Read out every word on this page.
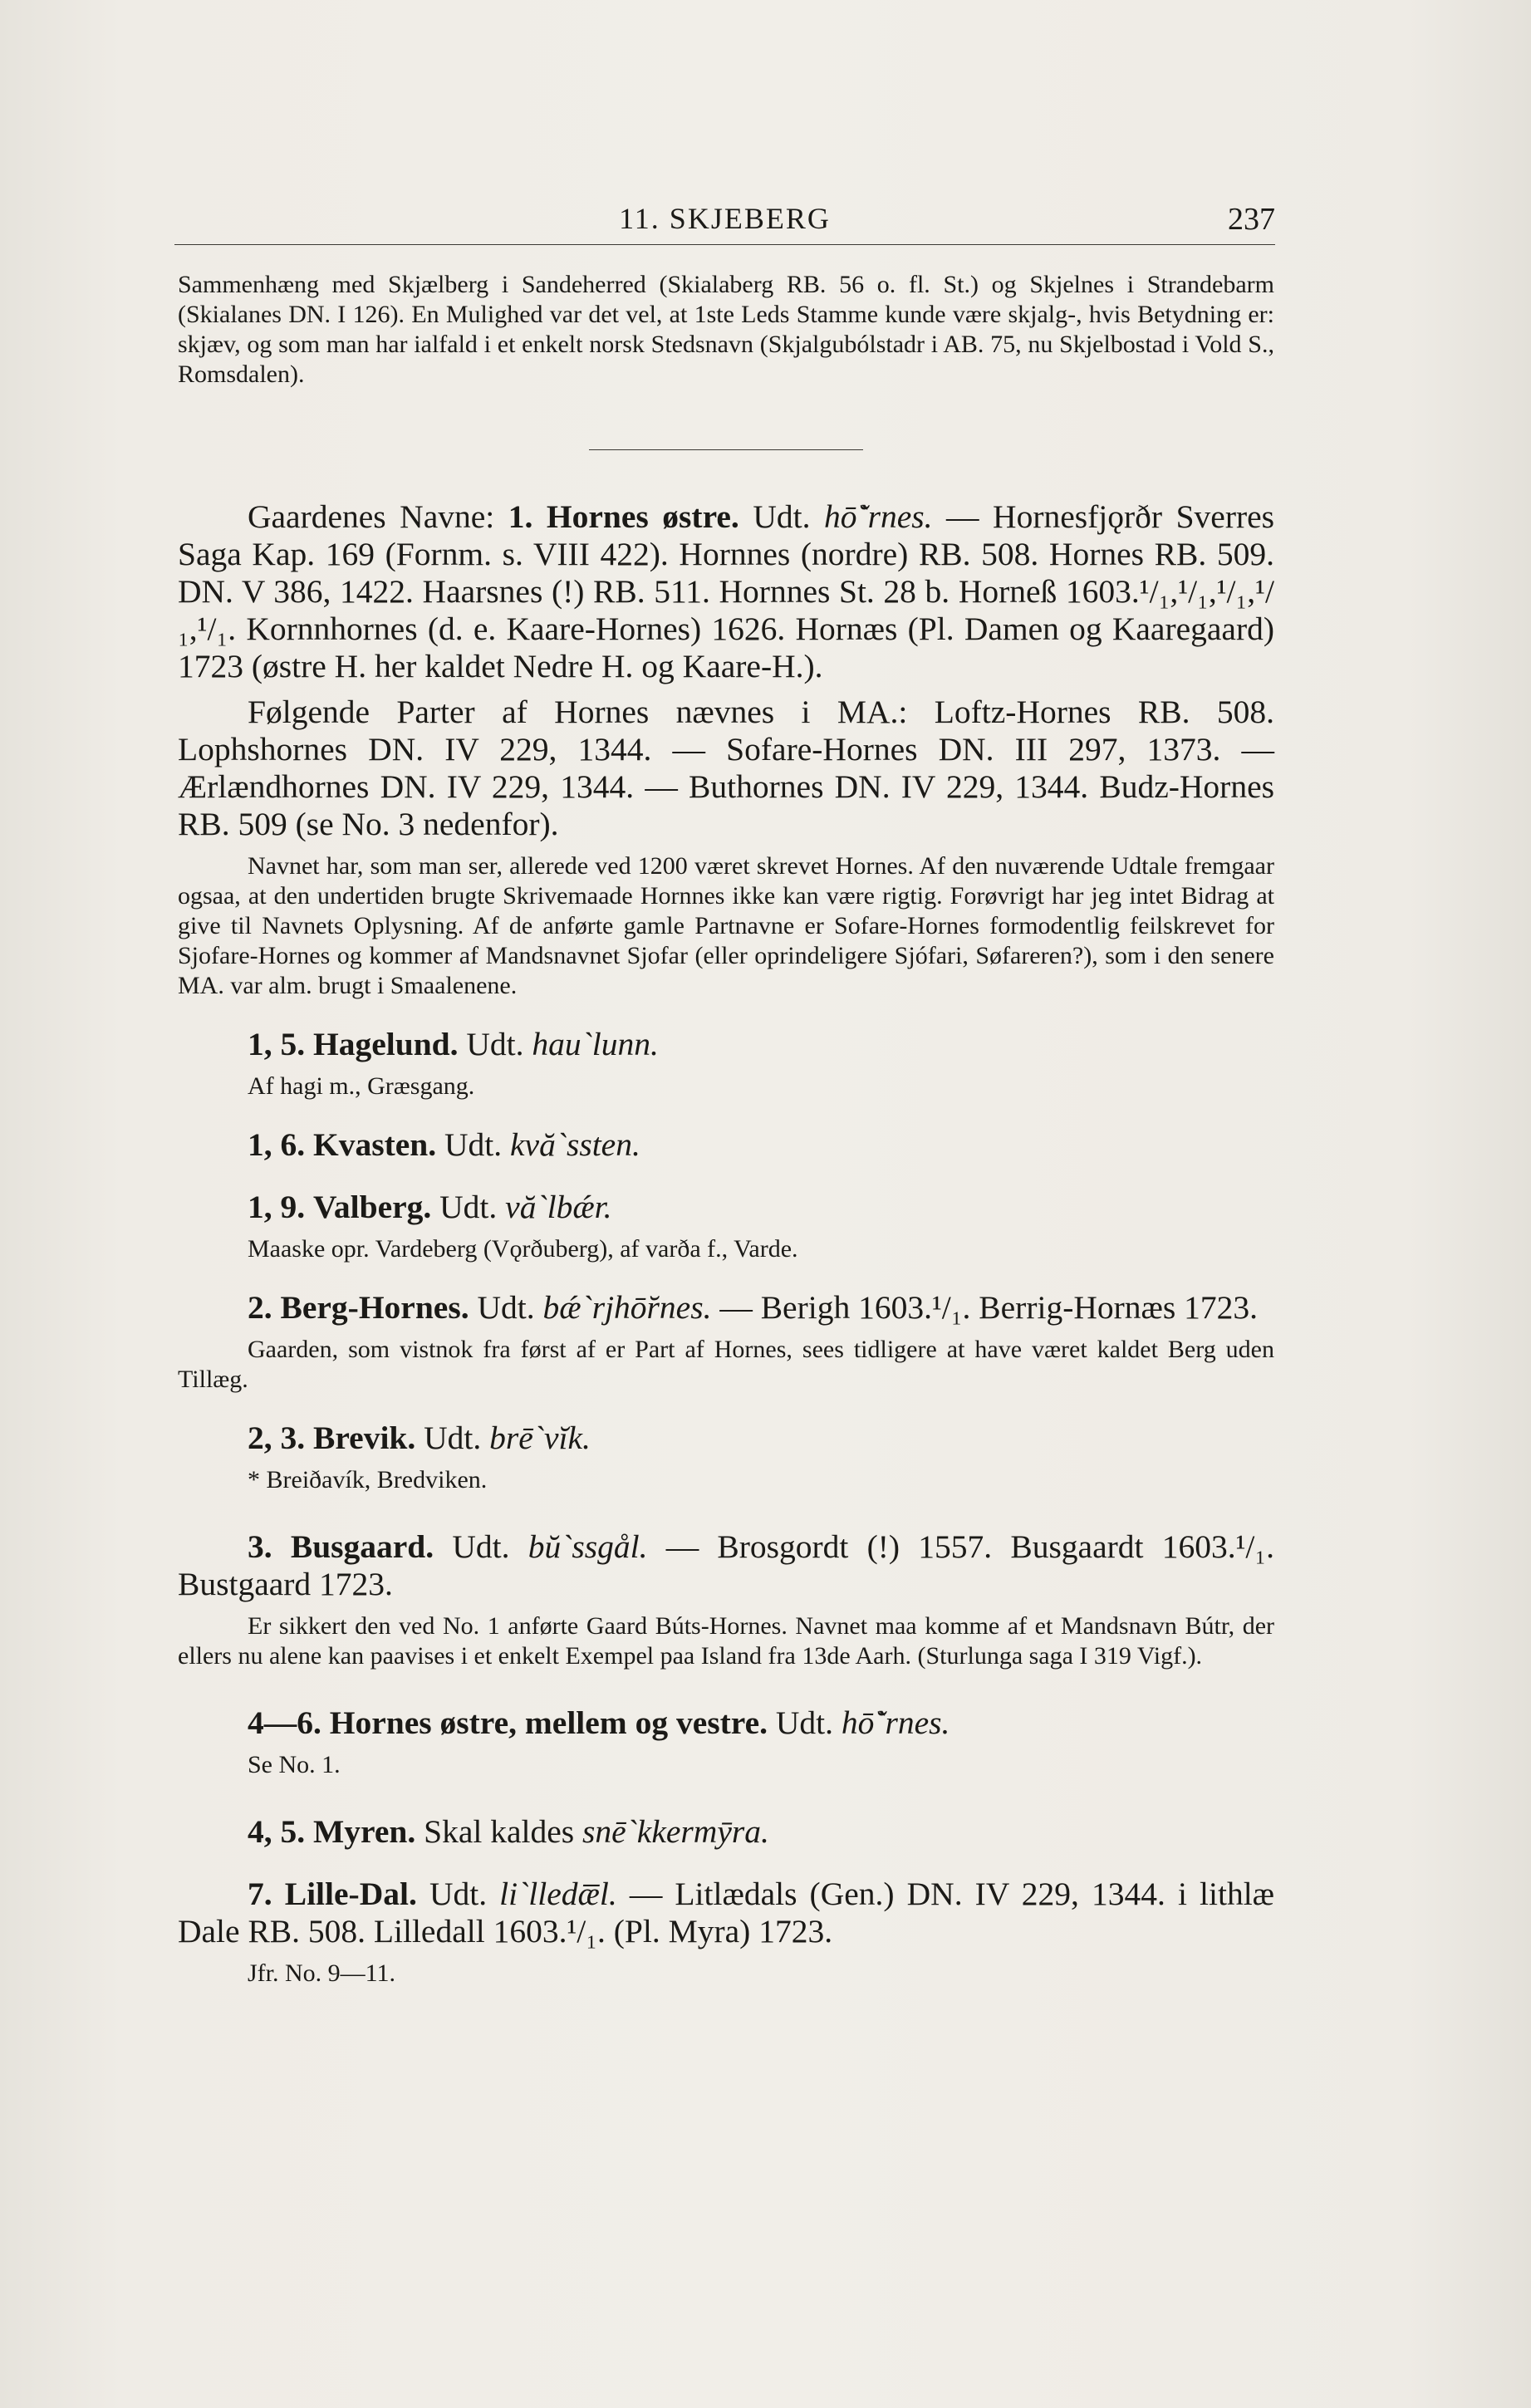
11. SKJEBERG	237

Sammenhæng med Skjælberg i Sandeherred (Skialaberg RB. 56 o. fl. St.) og Skjelnes i Strandebarm (Skialanes DN. I 126). En Mulighed var det vel, at 1ste Leds Stamme kunde være skjalg-, hvis Betydning er: skjæv, og som man har ialfald i et enkelt norsk Stedsnavn (Skjalgubólstadr i AB. 75, nu Skjelbostad i Vold S., Romsdalen).

Gaardenes Navne: 1. Hornes østre. Udt. hō̆`rnes. — Hornesfjǫrðr Sverres Saga Kap. 169 (Fornm. s. VIII 422). Hornnes (nordre) RB. 508. Hornes RB. 509. DN. V 386, 1422. Haarsnes (!) RB. 511. Hornnes St. 28 b. Horneß 1603.¹/₁,¹/₁,¹/₁,¹/₁,¹/₁. Kornnhornes (d. e. Kaare-Hornes) 1626. Hornæs (Pl. Damen og Kaaregaard) 1723 (østre H. her kaldet Nedre H. og Kaare-H.).

Følgende Parter af Hornes nævnes i MA.: Loftz-Hornes RB. 508. Lophshornes DN. IV 229, 1344. — Sofare-Hornes DN. III 297, 1373. — Ærlændhornes DN. IV 229, 1344. — Buthornes DN. IV 229, 1344. Budz-Hornes RB. 509 (se No. 3 nedenfor).

Navnet har, som man ser, allerede ved 1200 været skrevet Hornes. Af den nuværende Udtale fremgaar ogsaa, at den undertiden brugte Skrivemaade Hornnes ikke kan være rigtig. Forøvrigt har jeg intet Bidrag at give til Navnets Oplysning. Af de anførte gamle Partnavne er Sofare-Hornes formodentlig feilskrevet for Sjofare-Hornes og kommer af Mandsnavnet Sjofar (eller oprindeligere Sjófari, Søfareren?), som i den senere MA. var alm. brugt i Smaalenene.

1, 5. Hagelund. Udt. hau`lunn.

Af hagi m., Græsgang.

1, 6. Kvasten. Udt. kvă`ssten.

1, 9. Valberg. Udt. vă`lbǽr.

Maaske opr. Vardeberg (Vǫrðuberg), af varða f., Varde.

2. Berg-Hornes. Udt. bǽ`rjhō̆rnes. — Berigh 1603.¹/₁. Berrig-Hornæs 1723.

Gaarden, som vistnok fra først af er Part af Hornes, sees tidligere at have været kaldet Berg uden Tillæg.

2, 3. Brevik. Udt. brē`vĭk.

* Breiðavík, Bredviken.

3. Busgaard. Udt. bŭ`ssgål. — Brosgordt (!) 1557. Busgaardt 1603.¹/₁. Bustgaard 1723.

Er sikkert den ved No. 1 anførte Gaard Búts-Hornes. Navnet maa komme af et Mandsnavn Bútr, der ellers nu alene kan paavises i et enkelt Exempel paa Island fra 13de Aarh. (Sturlunga saga I 319 Vigf.).

4—6. Hornes østre, mellem og vestre. Udt. hō̆`rnes.

Se No. 1.

4, 5. Myren. Skal kaldes snē`kkermȳra.

7. Lille-Dal. Udt. li`lledæ̅l. — Litlædals (Gen.) DN. IV 229, 1344. i lithlæ Dale RB. 508. Lilledall 1603.¹/₁. (Pl. Myra) 1723.

Jfr. No. 9—11.
